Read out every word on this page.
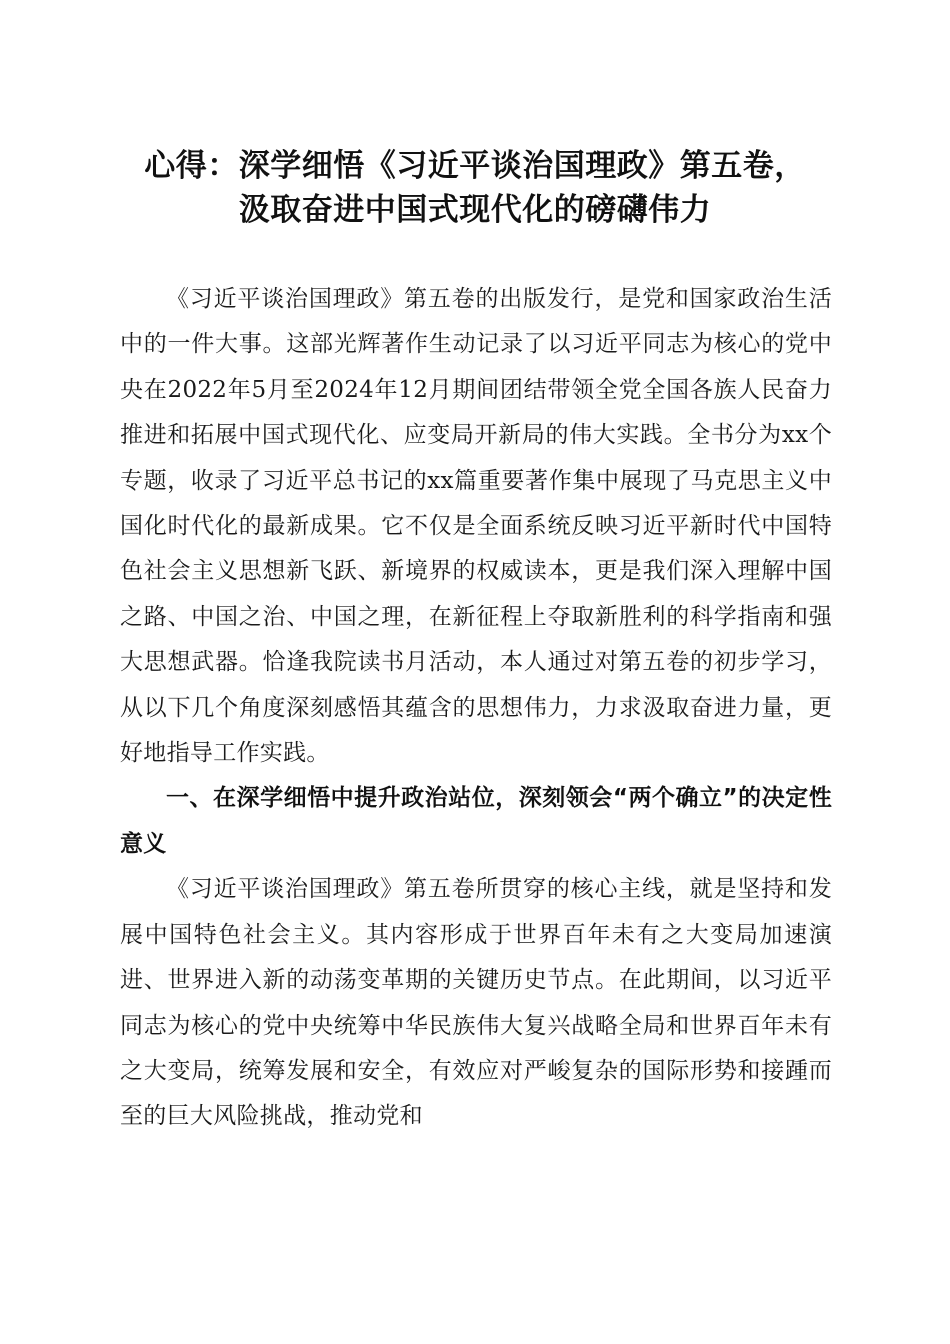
心得：深学细悟《习近平谈治国理政》第五卷，
汲取奋进中国式现代化的磅礴伟力

《习近平谈治国理政》第五卷的出版发行，是党和国家政治生活中的一件大事。这部光辉著作生动记录了以习近平同志为核心的党中央在2022年5月至2024年12月期间团结带领全党全国各族人民奋力推进和拓展中国式现代化、应变局开新局的伟大实践。全书分为xx个专题，收录了习近平总书记的xx篇重要著作集中展现了马克思主义中国化时代化的最新成果。它不仅是全面系统反映习近平新时代中国特色社会主义思想新飞跃、新境界的权威读本，更是我们深入理解中国之路、中国之治、中国之理，在新征程上夺取新胜利的科学指南和强大思想武器。恰逢我院读书月活动，本人通过对第五卷的初步学习，从以下几个角度深刻感悟其蕴含的思想伟力，力求汲取奋进力量，更好地指导工作实践。

一、在深学细悟中提升政治站位，深刻领会“两个确立”的决定性意义

《习近平谈治国理政》第五卷所贯穿的核心主线，就是坚持和发展中国特色社会主义。其内容形成于世界百年未有之大变局加速演进、世界进入新的动荡变革期的关键历史节点。在此期间，以习近平同志为核心的党中央统筹中华民族伟大复兴战略全局和世界百年未有之大变局，统筹发展和安全，有效应对严峻复杂的国际形势和接踵而至的巨大风险挑战，推动党和
